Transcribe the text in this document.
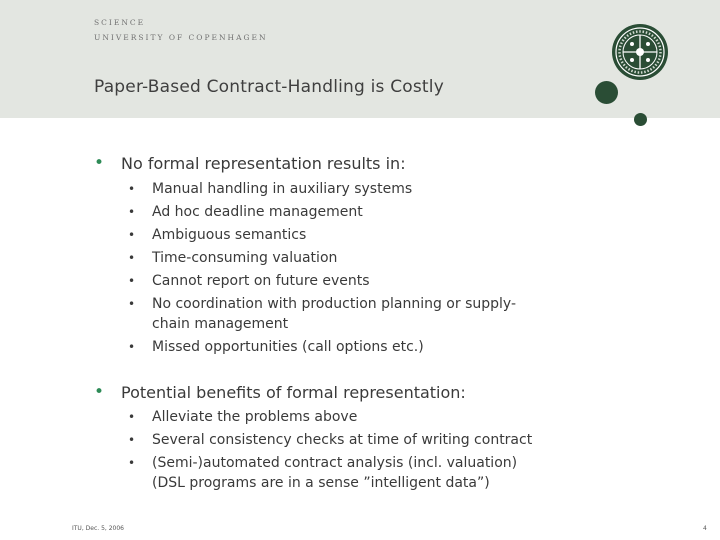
SCIENCE
UNIVERSITY OF COPENHAGEN
Paper-Based Contract-Handling is Costly
• No formal representation results in:
• Manual handling in auxiliary systems
• Ad hoc deadline management
• Ambiguous semantics
• Time-consuming valuation
• Cannot report on future events
• No coordination with production planning or supply-
chain management
• Missed opportunities (call options etc.)
• Potential benefits of formal representation:
• Alleviate the problems above
• Several consistency checks at time of writing contract
• (Semi-)automated contract analysis (incl. valuation)
(DSL programs are in a sense ”intelligent data”)
ITU, Dec. 5, 2006	4
